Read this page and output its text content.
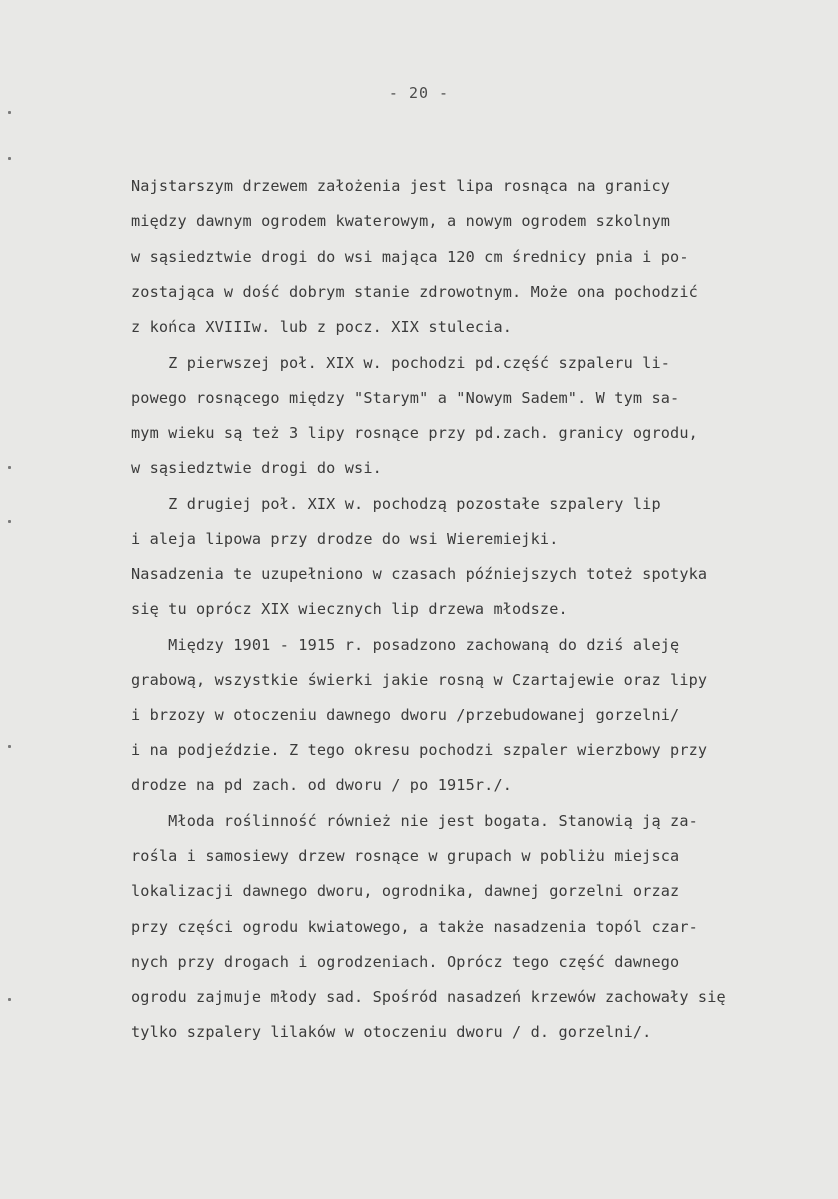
- 20 -
Najstarszym drzewem założenia jest lipa rosnąca na granicy
między dawnym ogrodem kwaterowym, a nowym ogrodem szkolnym
w sąsiedztwie drogi do wsi mająca 120 cm średnicy pnia i po-
zostająca w dość dobrym stanie zdrowotnym. Może ona pochodzić
z końca XVIIIw. lub z pocz. XIX stulecia.
Z pierwszej poł. XIX w. pochodzi pd.część szpaleru li-
powego rosnącego między "Starym" a "Nowym Sadem". W tym sa-
mym wieku są też 3 lipy rosnące przy pd.zach. granicy ogrodu,
w sąsiedztwie drogi do wsi.
Z drugiej poł. XIX w. pochodzą pozostałe szpalery lip
i aleja lipowa przy drodze do wsi Wieremiejki.
Nasadzenia te uzupełniono w czasach późniejszych toteż spotyka
się tu oprócz XIX wiecznych lip drzewa młodsze.
Między 1901 - 1915 r. posadzono zachowaną do dziś aleję
grabową, wszystkie świerki jakie rosną w Czartajewie oraz lipy
i brzozy w otoczeniu dawnego dworu /przebudowanej gorzelni/
i na podjeździe. Z tego okresu pochodzi szpaler wierzbowy przy
drodze na pd zach. od dworu / po 1915r./.
Młoda roślinność również nie jest bogata. Stanowią ją za-
rośla i samosiewy drzew rosnące w grupach w pobliżu miejsca
lokalizacji dawnego dworu, ogrodnika, dawnej gorzelni orzaz
przy części ogrodu kwiatowego, a także nasadzenia topól czar-
nych przy drogach i ogrodzeniach. Oprócz tego część dawnego
ogrodu zajmuje młody sad. Spośród nasadzeń krzewów zachowały się
tylko szpalery lilaków w otoczeniu dworu / d. gorzelni/.
